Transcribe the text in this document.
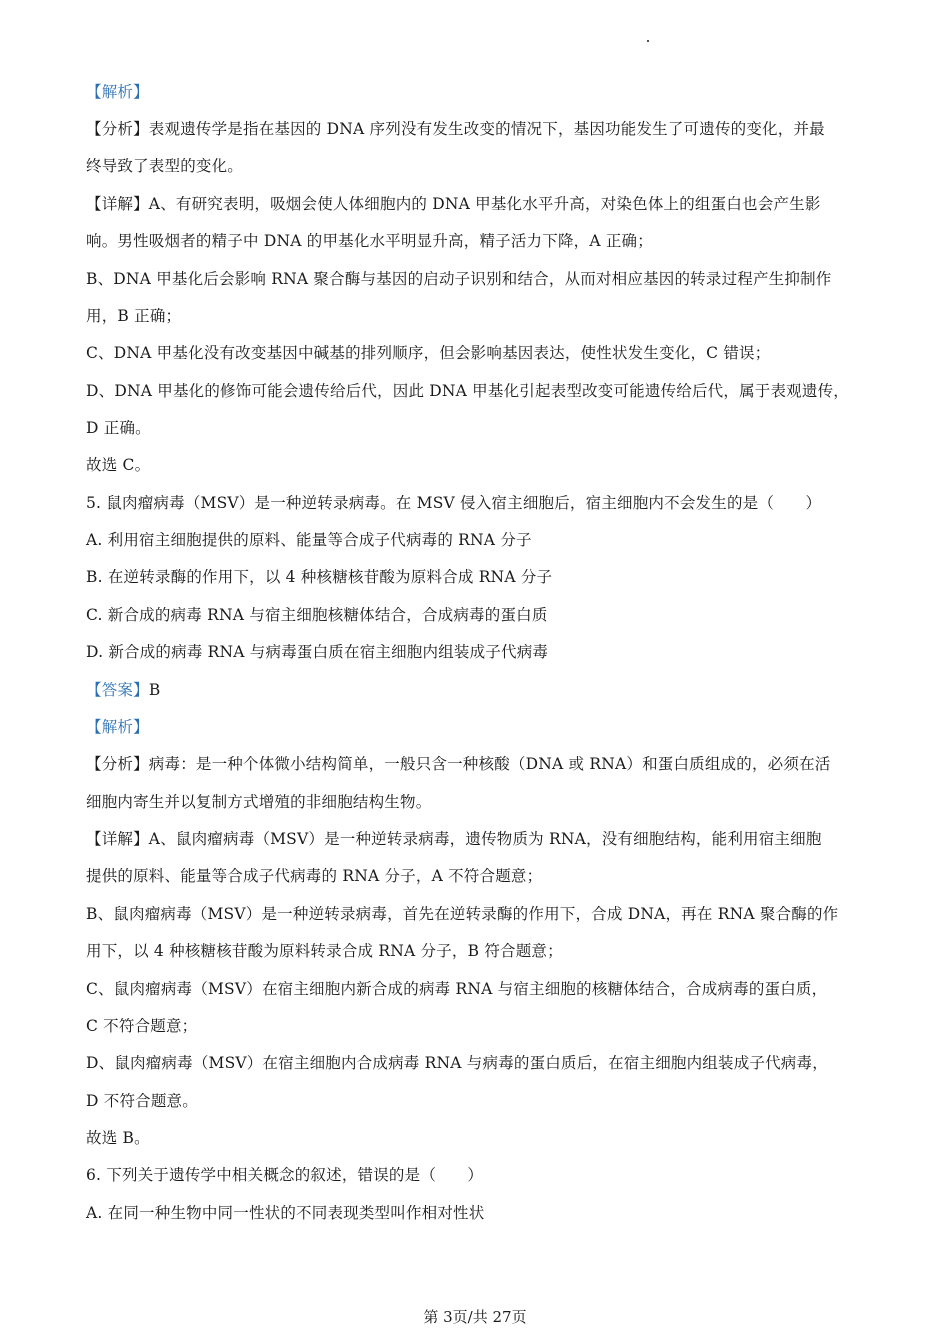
【解析】
【分析】表观遗传学是指在基因的 DNA 序列没有发生改变的情况下，基因功能发生了可遗传的变化，并最
终导致了表型的变化。
【详解】A、有研究表明，吸烟会使人体细胞内的 DNA 甲基化水平升高，对染色体上的组蛋白也会产生影
响。男性吸烟者的精子中 DNA 的甲基化水平明显升高，精子活力下降，A 正确；
B、DNA 甲基化后会影响 RNA 聚合酶与基因的启动子识别和结合，从而对相应基因的转录过程产生抑制作
用，B 正确；
C、DNA 甲基化没有改变基因中碱基的排列顺序，但会影响基因表达，使性状发生变化，C 错误；
D、DNA 甲基化的修饰可能会遗传给后代，因此 DNA 甲基化引起表型改变可能遗传给后代，属于表观遗传，
D 正确。
故选 C。
5. 鼠肉瘤病毒（MSV）是一种逆转录病毒。在 MSV 侵入宿主细胞后，宿主细胞内不会发生的是（　　）
A. 利用宿主细胞提供的原料、能量等合成子代病毒的 RNA 分子
B. 在逆转录酶的作用下，以 4 种核糖核苷酸为原料合成 RNA 分子
C. 新合成的病毒 RNA 与宿主细胞核糖体结合，合成病毒的蛋白质
D. 新合成的病毒 RNA 与病毒蛋白质在宿主细胞内组装成子代病毒
【答案】B
【解析】
【分析】病毒：是一种个体微小结构简单，一般只含一种核酸（DNA 或 RNA）和蛋白质组成的，必须在活
细胞内寄生并以复制方式增殖的非细胞结构生物。
【详解】A、鼠肉瘤病毒（MSV）是一种逆转录病毒，遗传物质为 RNA，没有细胞结构，能利用宿主细胞
提供的原料、能量等合成子代病毒的 RNA 分子，A 不符合题意；
B、鼠肉瘤病毒（MSV）是一种逆转录病毒，首先在逆转录酶的作用下，合成 DNA，再在 RNA 聚合酶的作
用下，以 4 种核糖核苷酸为原料转录合成 RNA 分子，B 符合题意；
C、鼠肉瘤病毒（MSV）在宿主细胞内新合成的病毒 RNA 与宿主细胞的核糖体结合，合成病毒的蛋白质，
C 不符合题意；
D、鼠肉瘤病毒（MSV）在宿主细胞内合成病毒 RNA 与病毒的蛋白质后，在宿主细胞内组装成子代病毒，
D 不符合题意。
故选 B。
6. 下列关于遗传学中相关概念的叙述，错误的是（　　）
A. 在同一种生物中同一性状的不同表现类型叫作相对性状
第 3页/共 27页
